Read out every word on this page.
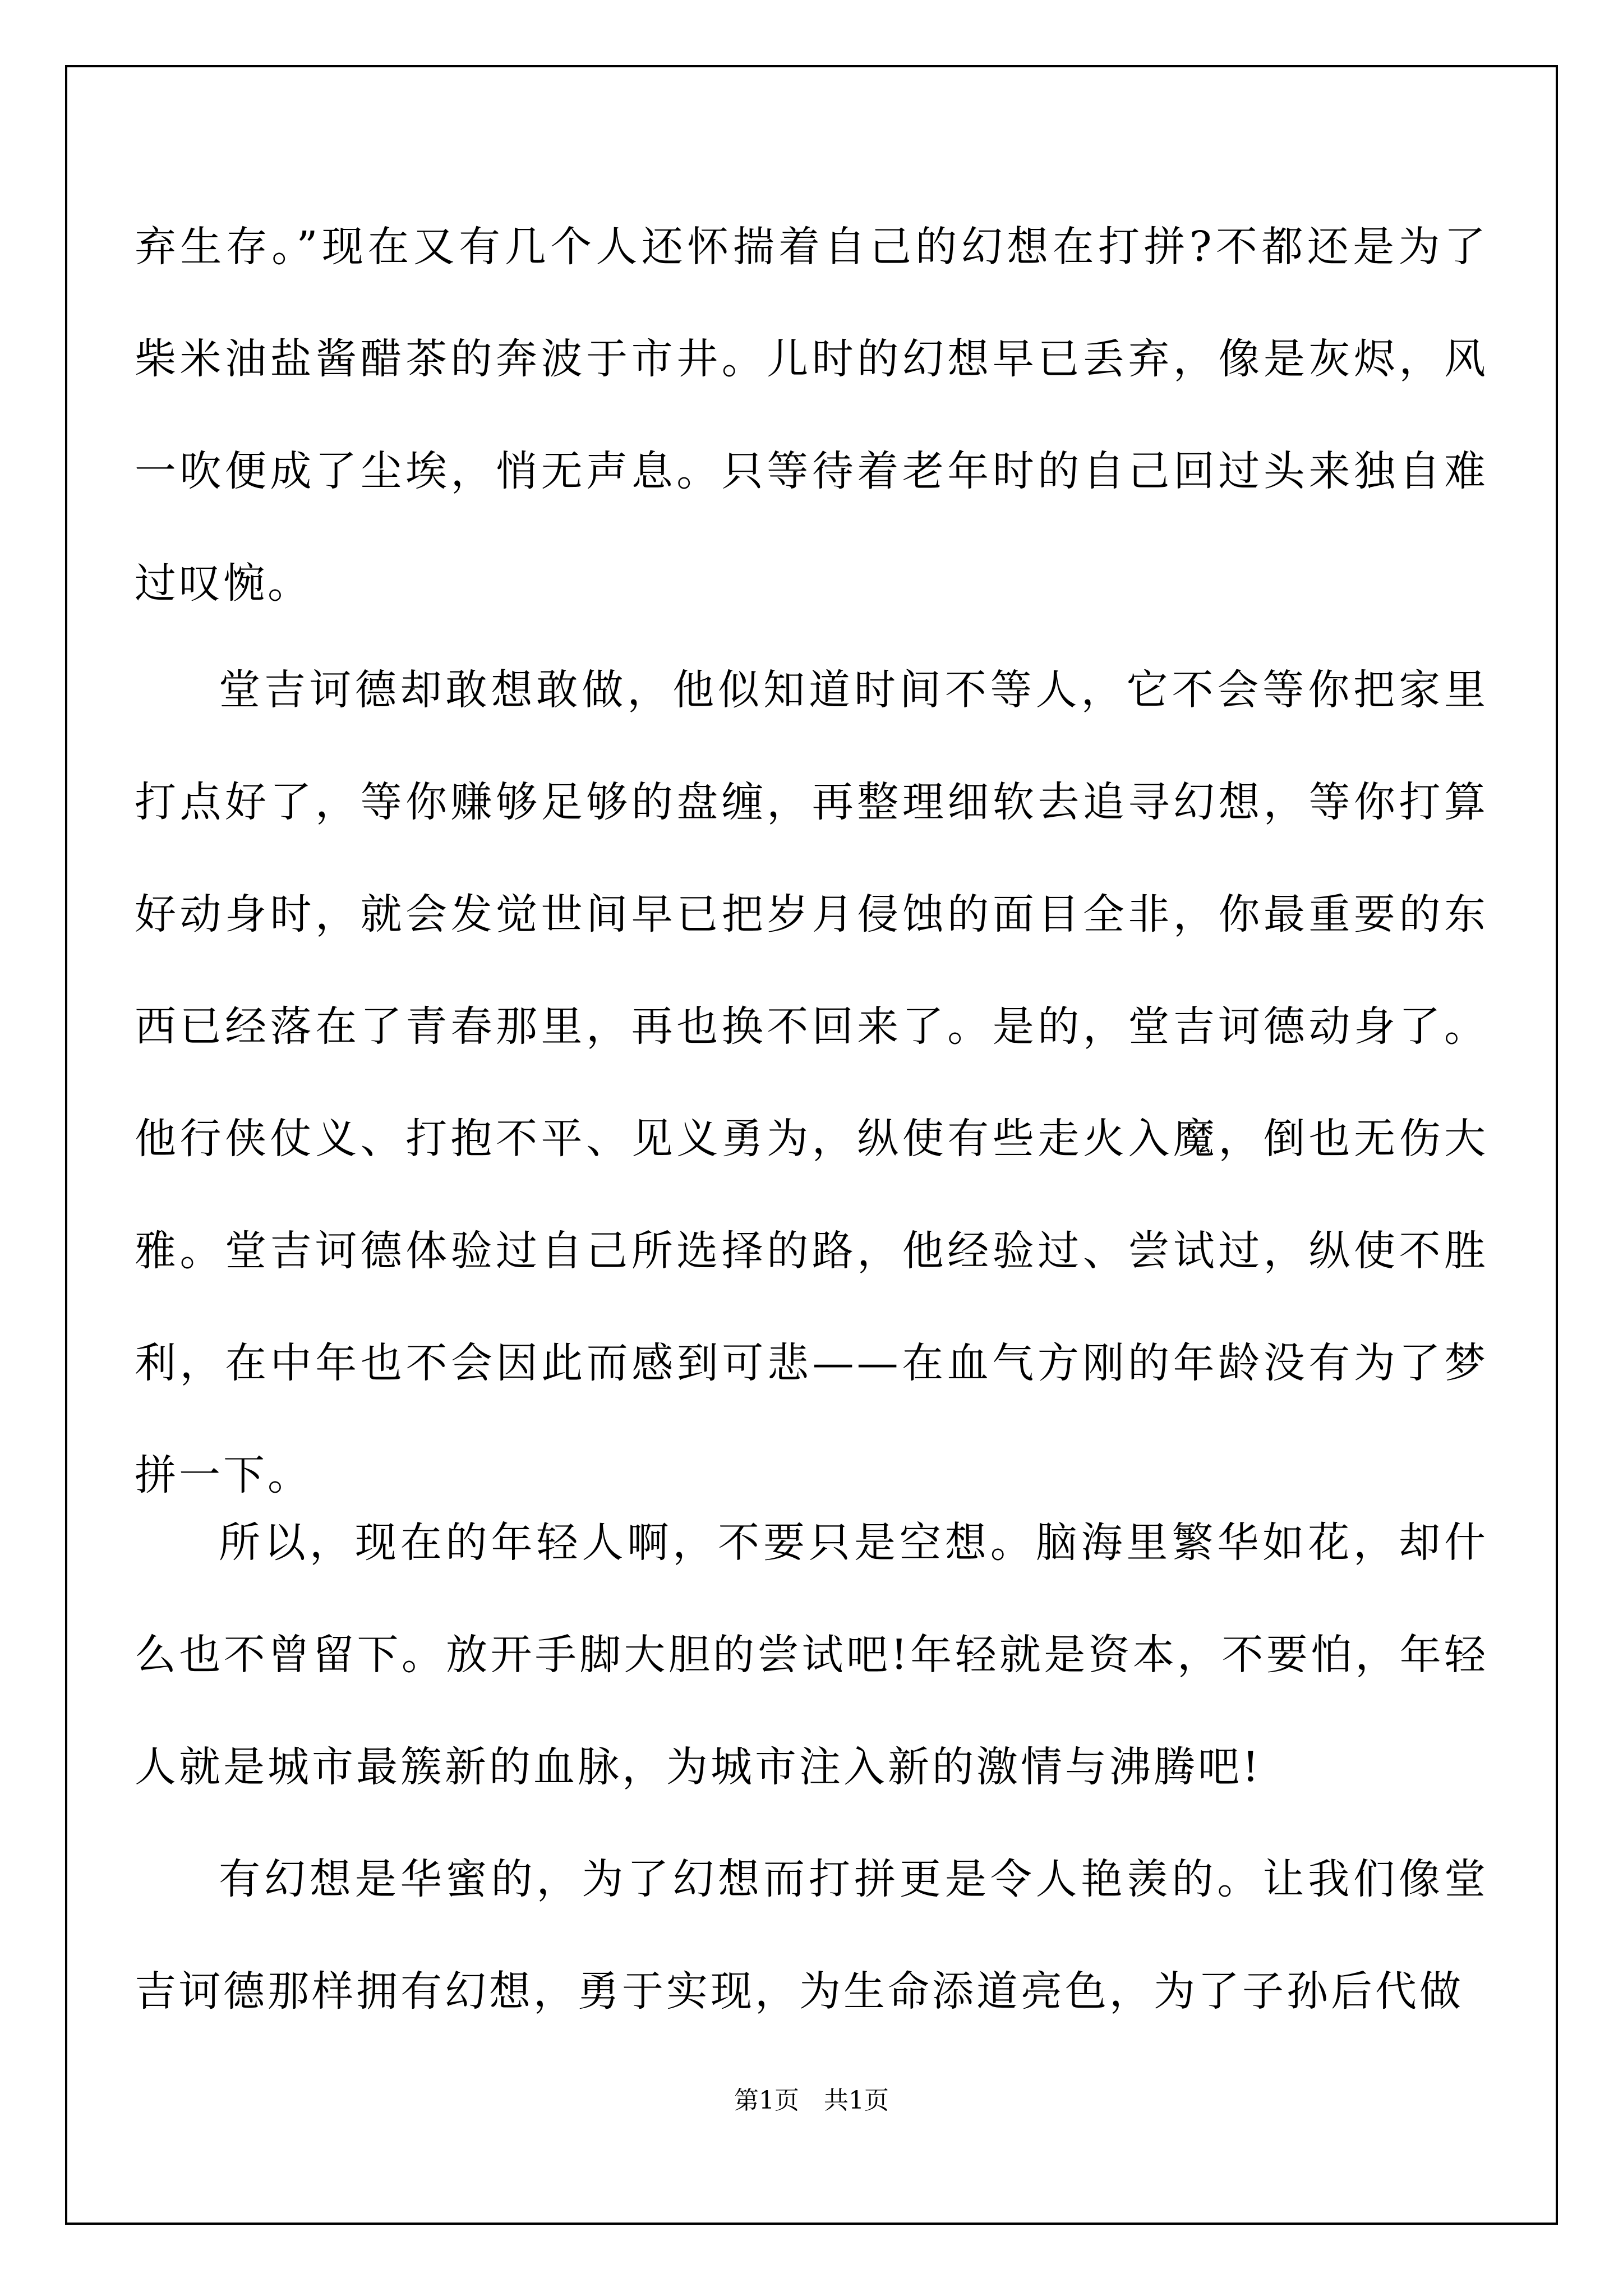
弃生存。”现在又有几个人还怀揣着自己的幻想在打拼?不都还是为了柴米油盐酱醋茶的奔波于市井。儿时的幻想早已丢弃，像是灰烬，风一吹便成了尘埃，悄无声息。只等待着老年时的自己回过头来独自难过叹惋。

堂吉诃德却敢想敢做，他似知道时间不等人，它不会等你把家里打点好了，等你赚够足够的盘缠，再整理细软去追寻幻想，等你打算好动身时，就会发觉世间早已把岁月侵蚀的面目全非，你最重要的东西已经落在了青春那里，再也换不回来了。是的，堂吉诃德动身了。他行侠仗义、打抱不平、见义勇为，纵使有些走火入魔，倒也无伤大雅。堂吉诃德体验过自己所选择的路，他经验过、尝试过，纵使不胜利，在中年也不会因此而感到可悲——在血气方刚的年龄没有为了梦拼一下。

所以，现在的年轻人啊，不要只是空想。脑海里繁华如花，却什么也不曾留下。放开手脚大胆的尝试吧!年轻就是资本，不要怕，年轻人就是城市最簇新的血脉，为城市注入新的激情与沸腾吧!

有幻想是华蜜的，为了幻想而打拼更是令人艳羡的。让我们像堂吉诃德那样拥有幻想，勇于实现，为生命添道亮色，为了子孙后代做

第1页　共1页
